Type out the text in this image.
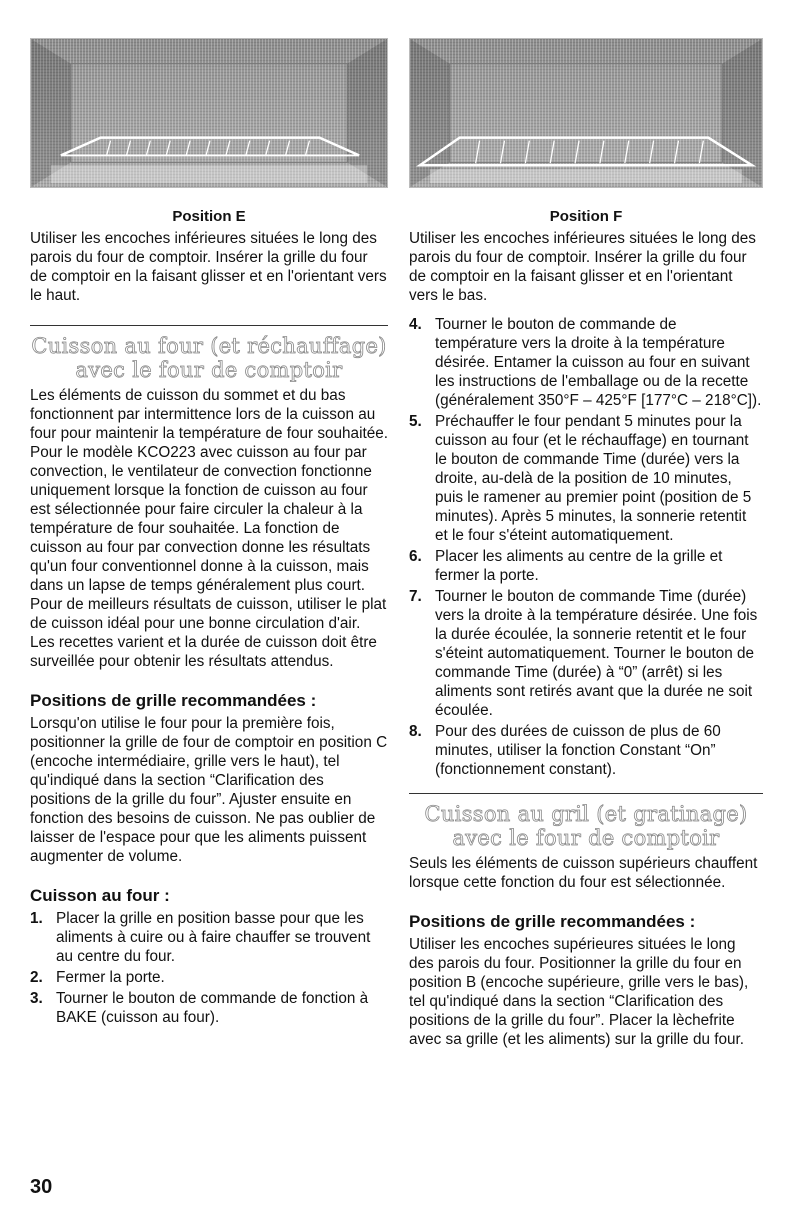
Position E

Utiliser les encoches inférieures situées le long des parois du four de comptoir. Insérer la grille du four de comptoir en la faisant glisser et en l'orientant vers le haut.

Cuisson au four (et réchauffage) avec le four de comptoir

Les éléments de cuisson du sommet et du bas fonctionnent par intermittence lors de la cuisson au four pour maintenir la température de four souhaitée. Pour le modèle KCO223 avec cuisson au four par convection, le ventilateur de convection fonctionne uniquement lorsque la fonction de cuisson au four est sélectionnée pour faire circuler la chaleur à la température de four souhaitée. La fonction de cuisson au four par convection donne les résultats qu'un four conventionnel donne à la cuisson, mais dans un lapse de temps généralement plus court. Pour de meilleurs résultats de cuisson, utiliser le plat de cuisson idéal pour une bonne circulation d'air. Les recettes varient et la durée de cuisson doit être surveillée pour obtenir les résultats attendus.

Positions de grille recommandées :

Lorsqu'on utilise le four pour la première fois, positionner la grille de four de comptoir en position C (encoche intermédiaire, grille vers le haut), tel qu'indiqué dans la section “Clarification des positions de la grille du four”. Ajuster ensuite en fonction des besoins de cuisson. Ne pas oublier de laisser de l'espace pour que les aliments puissent augmenter de volume.

Cuisson au four :
1. Placer la grille en position basse pour que les aliments à cuire ou à faire chauffer se trouvent au centre du four.
2. Fermer la porte.
3. Tourner le bouton de commande de fonction à BAKE (cuisson au four).
Position F

Utiliser les encoches inférieures situées le long des parois du four de comptoir. Insérer la grille du four de comptoir en la faisant glisser et en l'orientant vers le bas.

4. Tourner le bouton de commande de température vers la droite à la température désirée. Entamer la cuisson au four en suivant les instructions de l'emballage ou de la recette (généralement 350°F – 425°F [177°C – 218°C]).
5. Préchauffer le four pendant 5 minutes pour la cuisson au four (et le réchauffage) en tournant le bouton de commande Time (durée) vers la droite, au-delà de la position de 10 minutes, puis le ramener au premier point (position de 5 minutes). Après 5 minutes, la sonnerie retentit et le four s'éteint automatiquement.
6. Placer les aliments au centre de la grille et fermer la porte.
7. Tourner le bouton de commande Time (durée) vers la droite à la température désirée. Une fois la durée écoulée, la sonnerie retentit et le four s'éteint automatiquement. Tourner le bouton de commande Time (durée) à “0” (arrêt) si les aliments sont retirés avant que la durée ne soit écoulée.
8. Pour des durées de cuisson de plus de 60 minutes, utiliser la fonction Constant “On” (fonctionnement constant).
Cuisson au gril (et gratinage) avec le four de comptoir

Seuls les éléments de cuisson supérieurs chauffent lorsque cette fonction du four est sélectionnée.

Positions de grille recommandées :

Utiliser les encoches supérieures situées le long des parois du four. Positionner la grille du four en position B (encoche supérieure, grille vers le bas), tel qu'indiqué dans la section “Clarification des positions de la grille du four”. Placer la lèchefrite avec sa grille (et les aliments) sur la grille du four.

30
